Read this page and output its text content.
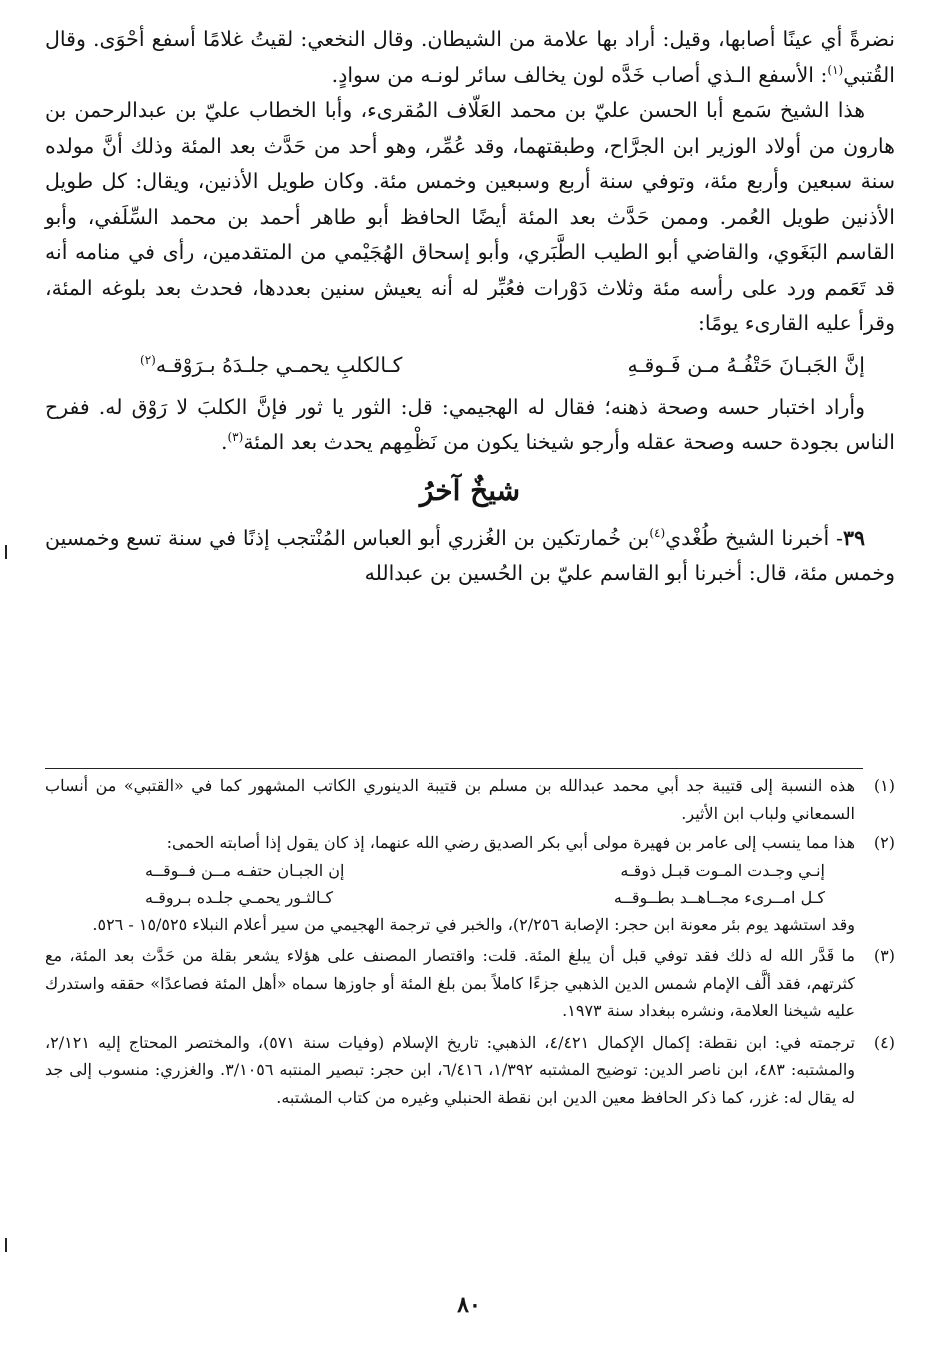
نضرةً أي عينًا أصابها، وقيل: أراد بها علامة من الشيطان. وقال النخعي: لقيتُ غلامًا أسفع أحْوَى. وقال القُتبي$^{(١)}$: الأسفع الـذي أصاب خَدَّه لون يخالف سائر لونـه من سوادٍ.

هذا الشيخ سَمع أبا الحسن عليّ بن محمد العَلّاف المُقرىء، وأبا الخطاب عليّ بن عبدالرحمن بن هارون من أولاد الوزير ابن الجرَّاح، وطبقتهما، وقد عُمِّر، وهو أحد من حَدَّث بعد المئة وذلك أنَّ مولده سنة سبعين وأربع مئة، وتوفي سنة أربع وسبعين وخمس مئة. وكان طويل الأذنين، ويقال: كل طويل الأذنين طويل العُمر. وممن حَدَّث بعد المئة أيضًا الحافظ أبو طاهر أحمد بن محمد السِّلَفي، وأبو القاسم البَغَوي، والقاضي أبو الطيب الطَّبَري، وأبو إسحاق الهُجَيْمي من المتقدمين، رأى في منامه أنه قد تَعَمم ورد على رأسه مئة وثلاث دَوْرات فعُبِّر له أنه يعيش سنين بعددها، فحدث بعد بلوغه المئة، وقرأ عليه القارىء يومًا:

إنَّ الجَبـانَ حَتْفُـهُ مـن فَـوقـهِ
كـالكلبِ يحمـي جلـدَهُ بـرَوْقـه$^{(٢)}$

وأراد اختبار حسه وصحة ذهنه؛ فقال له الهجيمي: قل: الثور يا ثور فإنَّ الكلبَ لا رَوْق له. ففرح الناس بجودة حسه وصحة عقله وأرجو شيخنا يكون من نَظْمِهم يحدث بعد المئة$^{(٣)}$.

شيخٌ آخرُ

٣٩- أخبرنا الشيخ طُغْدي$^{(٤)}$بن خُمارتكين بن الغُزري أبو العباس المُنْتجب إذنًا في سنة تسع وخمسين وخمس مئة، قال: أخبرنا أبو القاسم عليّ بن الحُسين بن عبدالله

(١)
هذه النسبة إلى قتيبة جد أبي محمد عبدالله بن مسلم بن قتيبة الدينوري الكاتب المشهور كما في «القتبي» من أنساب السمعاني ولباب ابن الأثير.
(٢)
هذا مما ينسب إلى عامر بن فهيرة مولى أبي بكر الصديق رضي الله عنهما، إذ كان يقول إذا أصابته الحمى:
إنـي وجـدت المـوت قبـل ذوقـه
إن الجبـان حتفـه مــن فــوقــه
كـل امــرىء مجــاهــد بطــوقــه
كـالثـور يحمـي جلـده بـروقـه
وقد استشهد يوم بئر معونة ابن حجر: الإصابة ٢/٢٥٦)، والخبر في ترجمة الهجيمي من سير أعلام النبلاء ١٥/٥٢٥ - ٥٢٦.
(٣)
ما قَدَّر الله له ذلك فقد توفي قبل أن يبلغ المئة. قلت: واقتصار المصنف على هؤلاء يشعر بقلة من حَدَّث بعد المئة، مع كثرتهم، فقد ألَّف الإمام شمس الدين الذهبي جزءًا كاملاً بمن بلغ المئة أو جاوزها سماه «أهل المئة فصاعدًا» حققه واستدرك عليه شيخنا العلامة، ونشره ببغداد سنة ١٩٧٣.
(٤)
ترجمته في: ابن نقطة: إكمال الإكمال ٤/٤٢١، الذهبي: تاريخ الإسلام (وفيات سنة ٥٧١)، والمختصر المحتاج إليه ٢/١٢١، والمشتبه: ٤٨٣، ابن ناصر الدين: توضيح المشتبه ١/٣٩٢، ٦/٤١٦، ابن حجر: تبصير المنتبه ٣/١٠٥٦. والغزري: منسوب إلى جد له يقال له: غزر، كما ذكر الحافظ معين الدين ابن نقطة الحنبلي وغيره من كتاب المشتبه.
٨٠
